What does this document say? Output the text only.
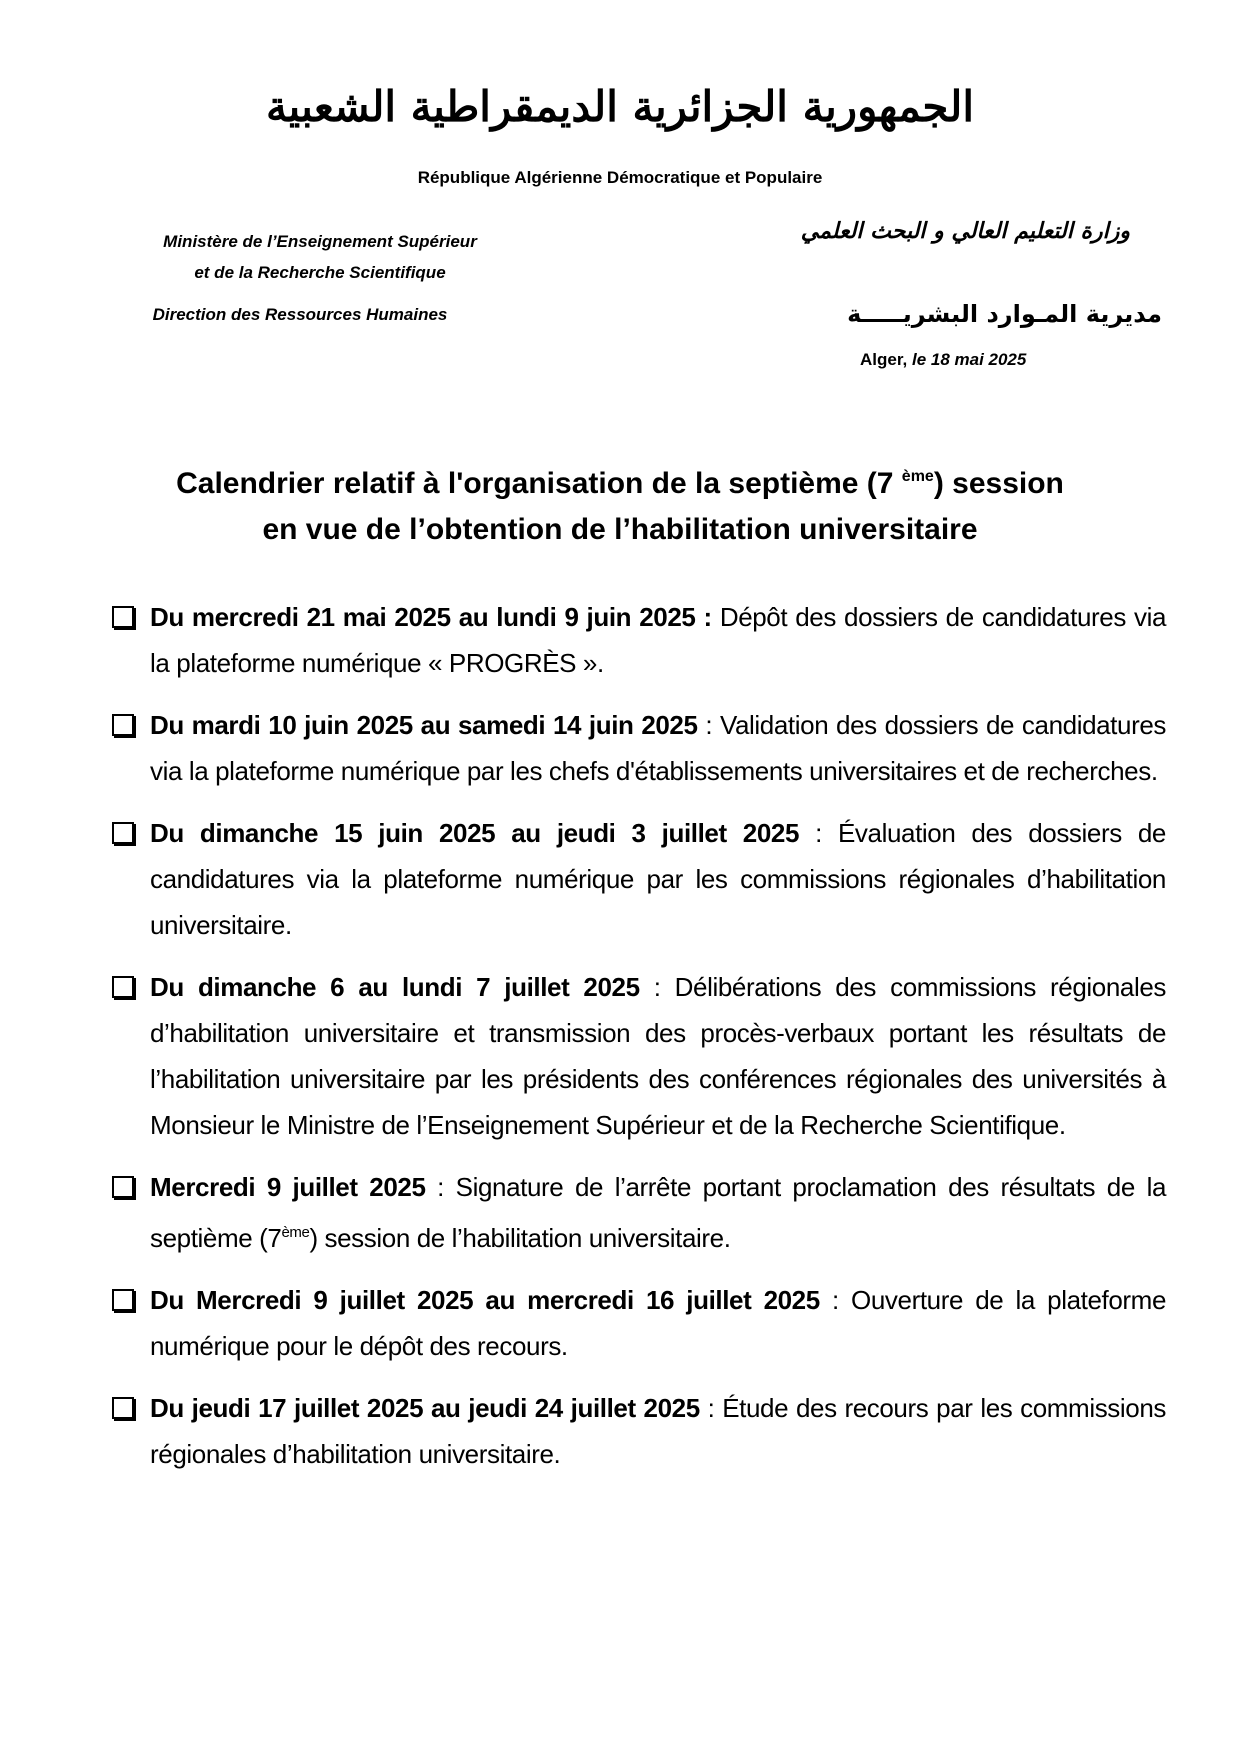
الجمهورية الجزائرية الديمقراطية الشعبية
République Algérienne Démocratique et Populaire
Ministère de l’Enseignement Supérieur
et de la Recherche Scientifique
Direction des Ressources Humaines
وزارة التعليم العالي و البحث العلمي
مديرية المـوارد البشريـــــة
Alger, le 18 mai 2025
Calendrier relatif à l'organisation de la septième (7 $^{ème}$) session
en vue de l’obtention de l’habilitation universitaire
Du mercredi 21 mai 2025 au lundi 9 juin 2025 : Dépôt des dossiers de candidatures via la plateforme numérique « PROGRÈS ».
Du mardi 10 juin 2025 au samedi 14 juin 2025 : Validation des dossiers de candidatures via la plateforme numérique par les chefs d'établissements universitaires et de recherches.
Du dimanche 15 juin 2025 au jeudi 3 juillet 2025 : Évaluation des dossiers de candidatures via la plateforme numérique par les commissions régionales d’habilitation universitaire.
Du dimanche 6 au lundi 7 juillet 2025 : Délibérations des commissions régionales d’habilitation universitaire et transmission des procès-verbaux portant les résultats de l’habilitation universitaire par les présidents des conférences régionales des universités à Monsieur le Ministre de l’Enseignement Supérieur et de la Recherche Scientifique.
Mercredi 9 juillet 2025 : Signature de l’arrête portant proclamation des résultats de la septième (7ème) session de l’habilitation universitaire.
Du Mercredi 9 juillet 2025 au mercredi 16 juillet 2025 : Ouverture de la plateforme numérique pour le dépôt des recours.
Du jeudi 17 juillet 2025 au jeudi 24 juillet 2025 : Étude des recours par les commissions régionales d’habilitation universitaire.
